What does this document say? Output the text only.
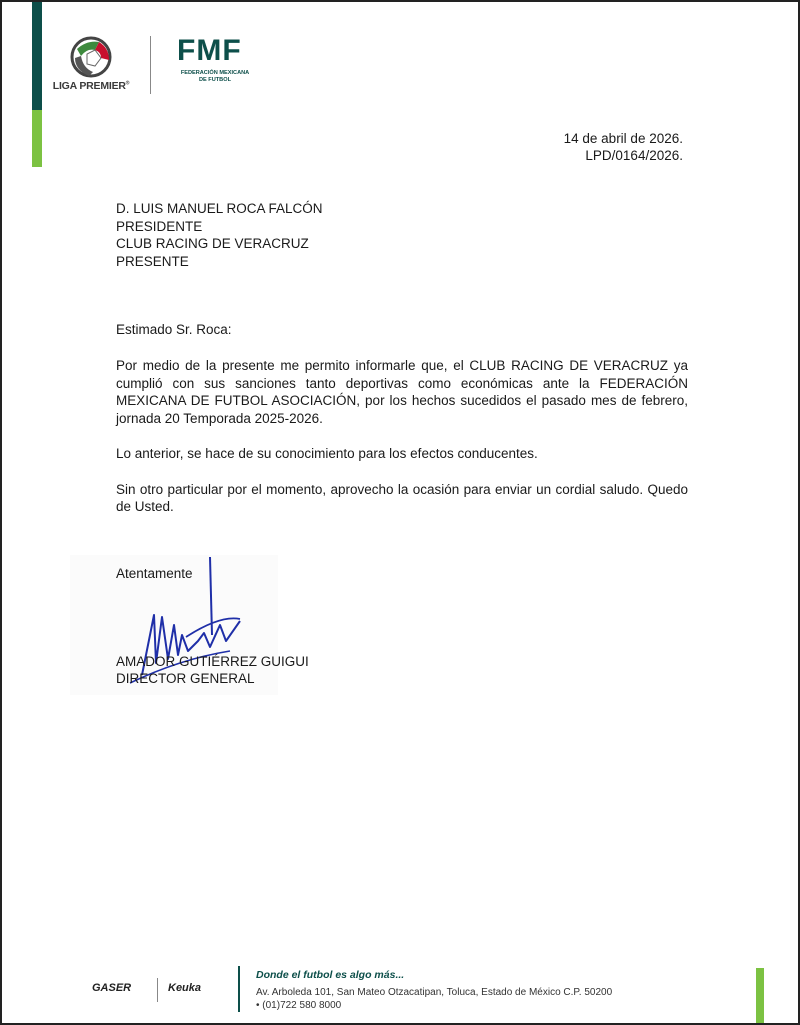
LIGA PREMIER®
FMF
FEDERACIÓN MEXICANA DE FUTBOL
14 de abril de 2026.
LPD/0164/2026.
D. LUIS MANUEL ROCA FALCÓN
PRESIDENTE
CLUB RACING DE VERACRUZ
PRESENTE
Estimado Sr. Roca:

Por medio de la presente me permito informarle que, el CLUB RACING DE VERACRUZ ya cumplió con sus sanciones tanto deportivas como económicas ante la FEDERACIÓN MEXICANA DE FUTBOL ASOCIACIÓN, por los hechos sucedidos el pasado mes de febrero, jornada 20 Temporada 2025-2026.

Lo anterior, se hace de su conocimiento para los efectos conducentes.

Sin otro particular por el momento, aprovecho la ocasión para enviar un cordial saludo. Quedo de Usted.

Atentamente
AMADOR GUTIÉRREZ GUIGUI
DIRECTOR GENERAL
GASER	Keuka
Donde el futbol es algo más...
Av. Arboleda 101, San Mateo Otzacatipan, Toluca, Estado de México C.P. 50200
• (01)722 580 8000
